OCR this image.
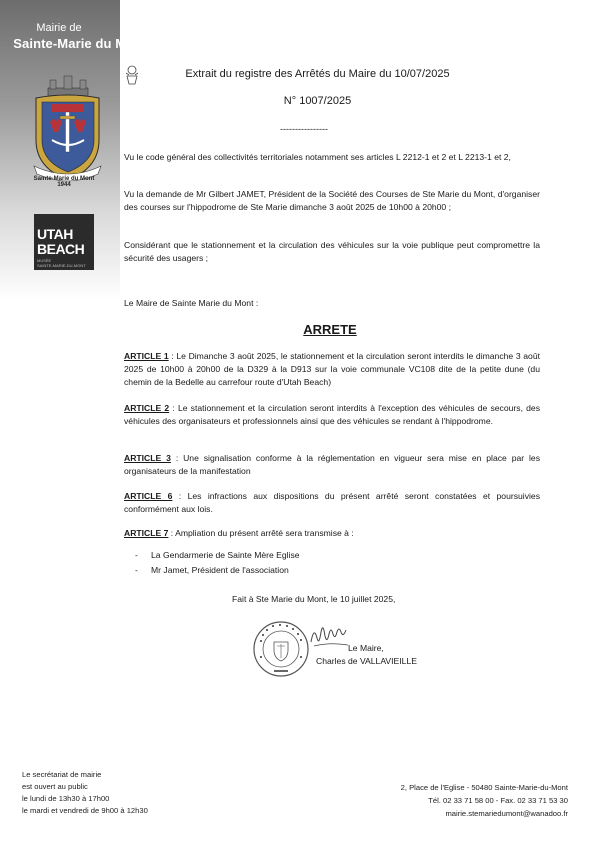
Mairie de
Sainte-Marie du Mont
Sainte-Marie du Mont 1944
UTAH
BEACH
MUSÉE
SAINTE-MARIE-DU-MONT
Extrait du registre des Arrêtés du Maire du 10/07/2025
N° 1007/2025
----------------
Vu le code général des collectivités territoriales notamment ses articles L 2212-1 et 2 et L 2213-1 et 2,
Vu la demande de Mr Gilbert JAMET, Président de la Société des Courses de Ste Marie du Mont, d'organiser des courses sur l'hippodrome de Ste Marie dimanche 3 août 2025 de 10h00 à 20h00 ;
Considérant que le stationnement et la circulation des véhicules sur la voie publique peut compromettre la sécurité des usagers ;
Le Maire de Sainte Marie du Mont :
ARRETE
ARTICLE 1 : Le Dimanche 3 août 2025, le stationnement et la circulation seront interdits le dimanche 3 août 2025 de 10h00 à 20h00 de la D329 à la D913 sur la voie communale VC108 dite de la petite dune (du chemin de la Bedelle au carrefour route d'Utah Beach)
ARTICLE 2 : Le stationnement et la circulation seront interdits à l'exception des véhicules de secours, des véhicules des organisateurs et professionnels ainsi que des véhicules se rendant à l'hippodrome.
ARTICLE 3 : Une signalisation conforme à la réglementation en vigueur sera mise en place par les organisateurs de la manifestation
ARTICLE 6 : Les infractions aux dispositions du présent arrêté seront constatées et poursuivies conformément aux lois.
ARTICLE 7 : Ampliation du présent arrêté sera transmise à :
- La Gendarmerie de Sainte Mère Eglise
- Mr Jamet, Président de l'association
Fait à Ste Marie du Mont, le 10 juillet 2025,
Le Maire,
Charles de VALLAVIEILLE
Le secrétariat de mairie
est ouvert au public
le lundi de 13h30 à 17h00
le mardi et vendredi de 9h00 à 12h30
2, Place de l'Eglise - 50480 Sainte-Marie-du-Mont
Tél. 02 33 71 58 00 - Fax. 02 33 71 53 30
mairie.stemariedumont@wanadoo.fr
